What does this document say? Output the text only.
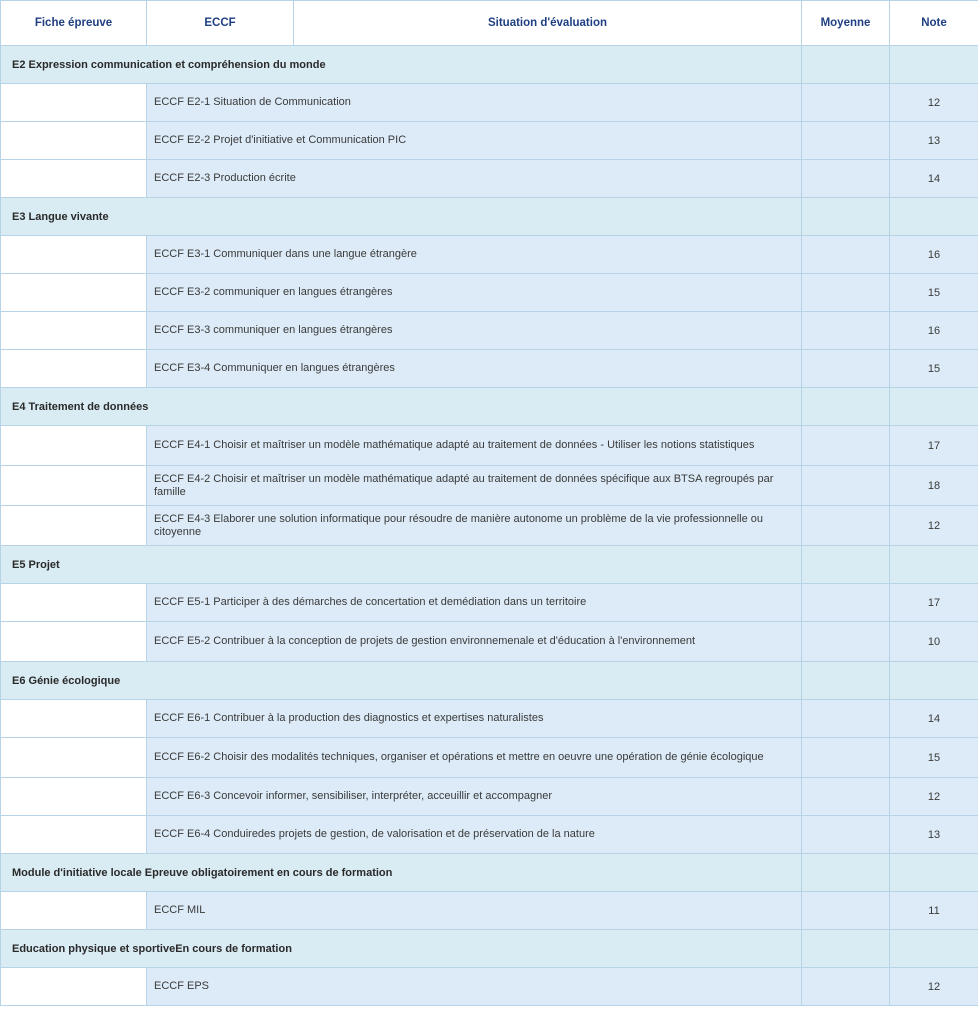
Fiche épreuve	ECCF	Situation d'évaluation	Moyenne	Note
E2 Expression communication et compréhension du monde				
	ECCF E2-1 Situation de Communication			12
	ECCF E2-2 Projet d'initiative et Communication PIC			13
	ECCF E2-3 Production écrite			14
E3 Langue vivante				
	ECCF E3-1 Communiquer dans une langue étrangère			16
	ECCF E3-2 communiquer en langues étrangères			15
	ECCF E3-3 communiquer en langues étrangères			16
	ECCF E3-4 Communiquer en langues étrangères			15
E4 Traitement de données				
	ECCF E4-1 Choisir et maîtriser un modèle mathématique adapté au traitement de données - Utiliser les notions statistiques			17
	ECCF E4-2 Choisir et maîtriser un modèle mathématique adapté au traitement de données spécifique aux BTSA regroupés par famille			18
	ECCF E4-3 Elaborer une solution informatique pour résoudre de manière autonome un problème de la vie professionnelle ou citoyenne			12
E5 Projet				
	ECCF E5-1 Participer à des démarches de concertation et demédiation dans un territoire			17
	ECCF E5-2 Contribuer à la conception de projets de gestion environnemenale et d'éducation à l'environnement			10
E6 Génie écologique				
	ECCF E6-1 Contribuer à la production des diagnostics et expertises naturalistes			14
	ECCF E6-2 Choisir des modalités techniques, organiser et opérations et mettre en oeuvre une opération de génie écologique			15
	ECCF E6-3 Concevoir informer, sensibiliser, interpréter, acceuillir et accompagner			12
	ECCF E6-4 Conduiredes projets de gestion, de valorisation et de préservation de la nature			13
Module d'initiative locale Epreuve obligatoirement en cours de formation				
	ECCF MIL			11
Education physique et sportiveEn cours de formation				
	ECCF EPS			12
